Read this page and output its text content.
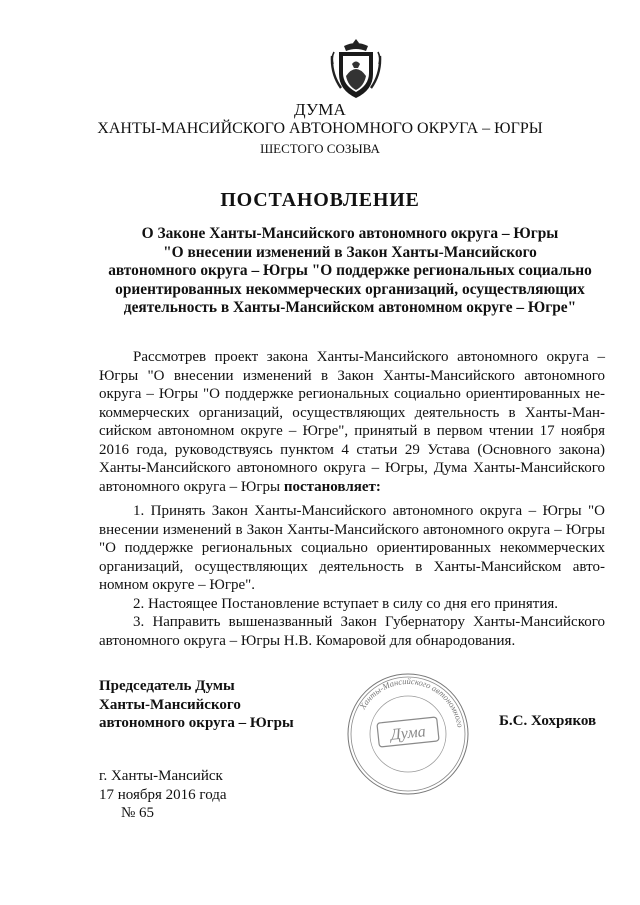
ДУМА
ХАНТЫ-МАНСИЙСКОГО АВТОНОМНОГО ОКРУГА – ЮГРЫ
ШЕСТОГО СОЗЫВА
ПОСТАНОВЛЕНИЕ
О Законе Ханты-Мансийского автономного округа – Югры
"О внесении изменений в Закон Ханты-Мансийского
автономного округа – Югры "О поддержке региональных социально
ориентированных некоммерческих организаций, осуществляющих
деятельность в Ханты-Мансийском автономном округе – Югре"

Рассмотрев проект закона Ханты-Мансийского автономного округа – Югры "О внесении изменений в Закон Ханты-Мансийского автономного округа – Югры "О поддержке региональных социально ориентированных некоммерческих организаций, осуществляющих деятельность в Ханты-Мансийском автономном округе – Югре", принятый в первом чтении 17 ноября 2016 года, руководствуясь пунктом 4 статьи 29 Устава (Основного закона) Ханты-Мансийского автономного округа – Югры, Дума Ханты-Мансийского автономного округа – Югры постановляет:

1. Принять Закон Ханты-Мансийского автономного округа – Югры "О внесении изменений в Закон Ханты-Мансийского автономного округа – Югры "О поддержке региональных социально ориентированных некоммерческих организаций, осуществляющих деятельность в Ханты-Мансийском автономном округе – Югре".

2. Настоящее Постановление вступает в силу со дня его принятия.

3. Направить вышеназванный Закон Губернатору Ханты-Мансийского автономного округа – Югры Н.В. Комаровой для обнародования.

Председатель Думы
Ханты-Мансийского
автономного округа – Югры
Ханты-Мансийского автономного
Дума
Б.С. Хохряков
г. Ханты-Мансийск
17 ноября 2016 года
№ 65
